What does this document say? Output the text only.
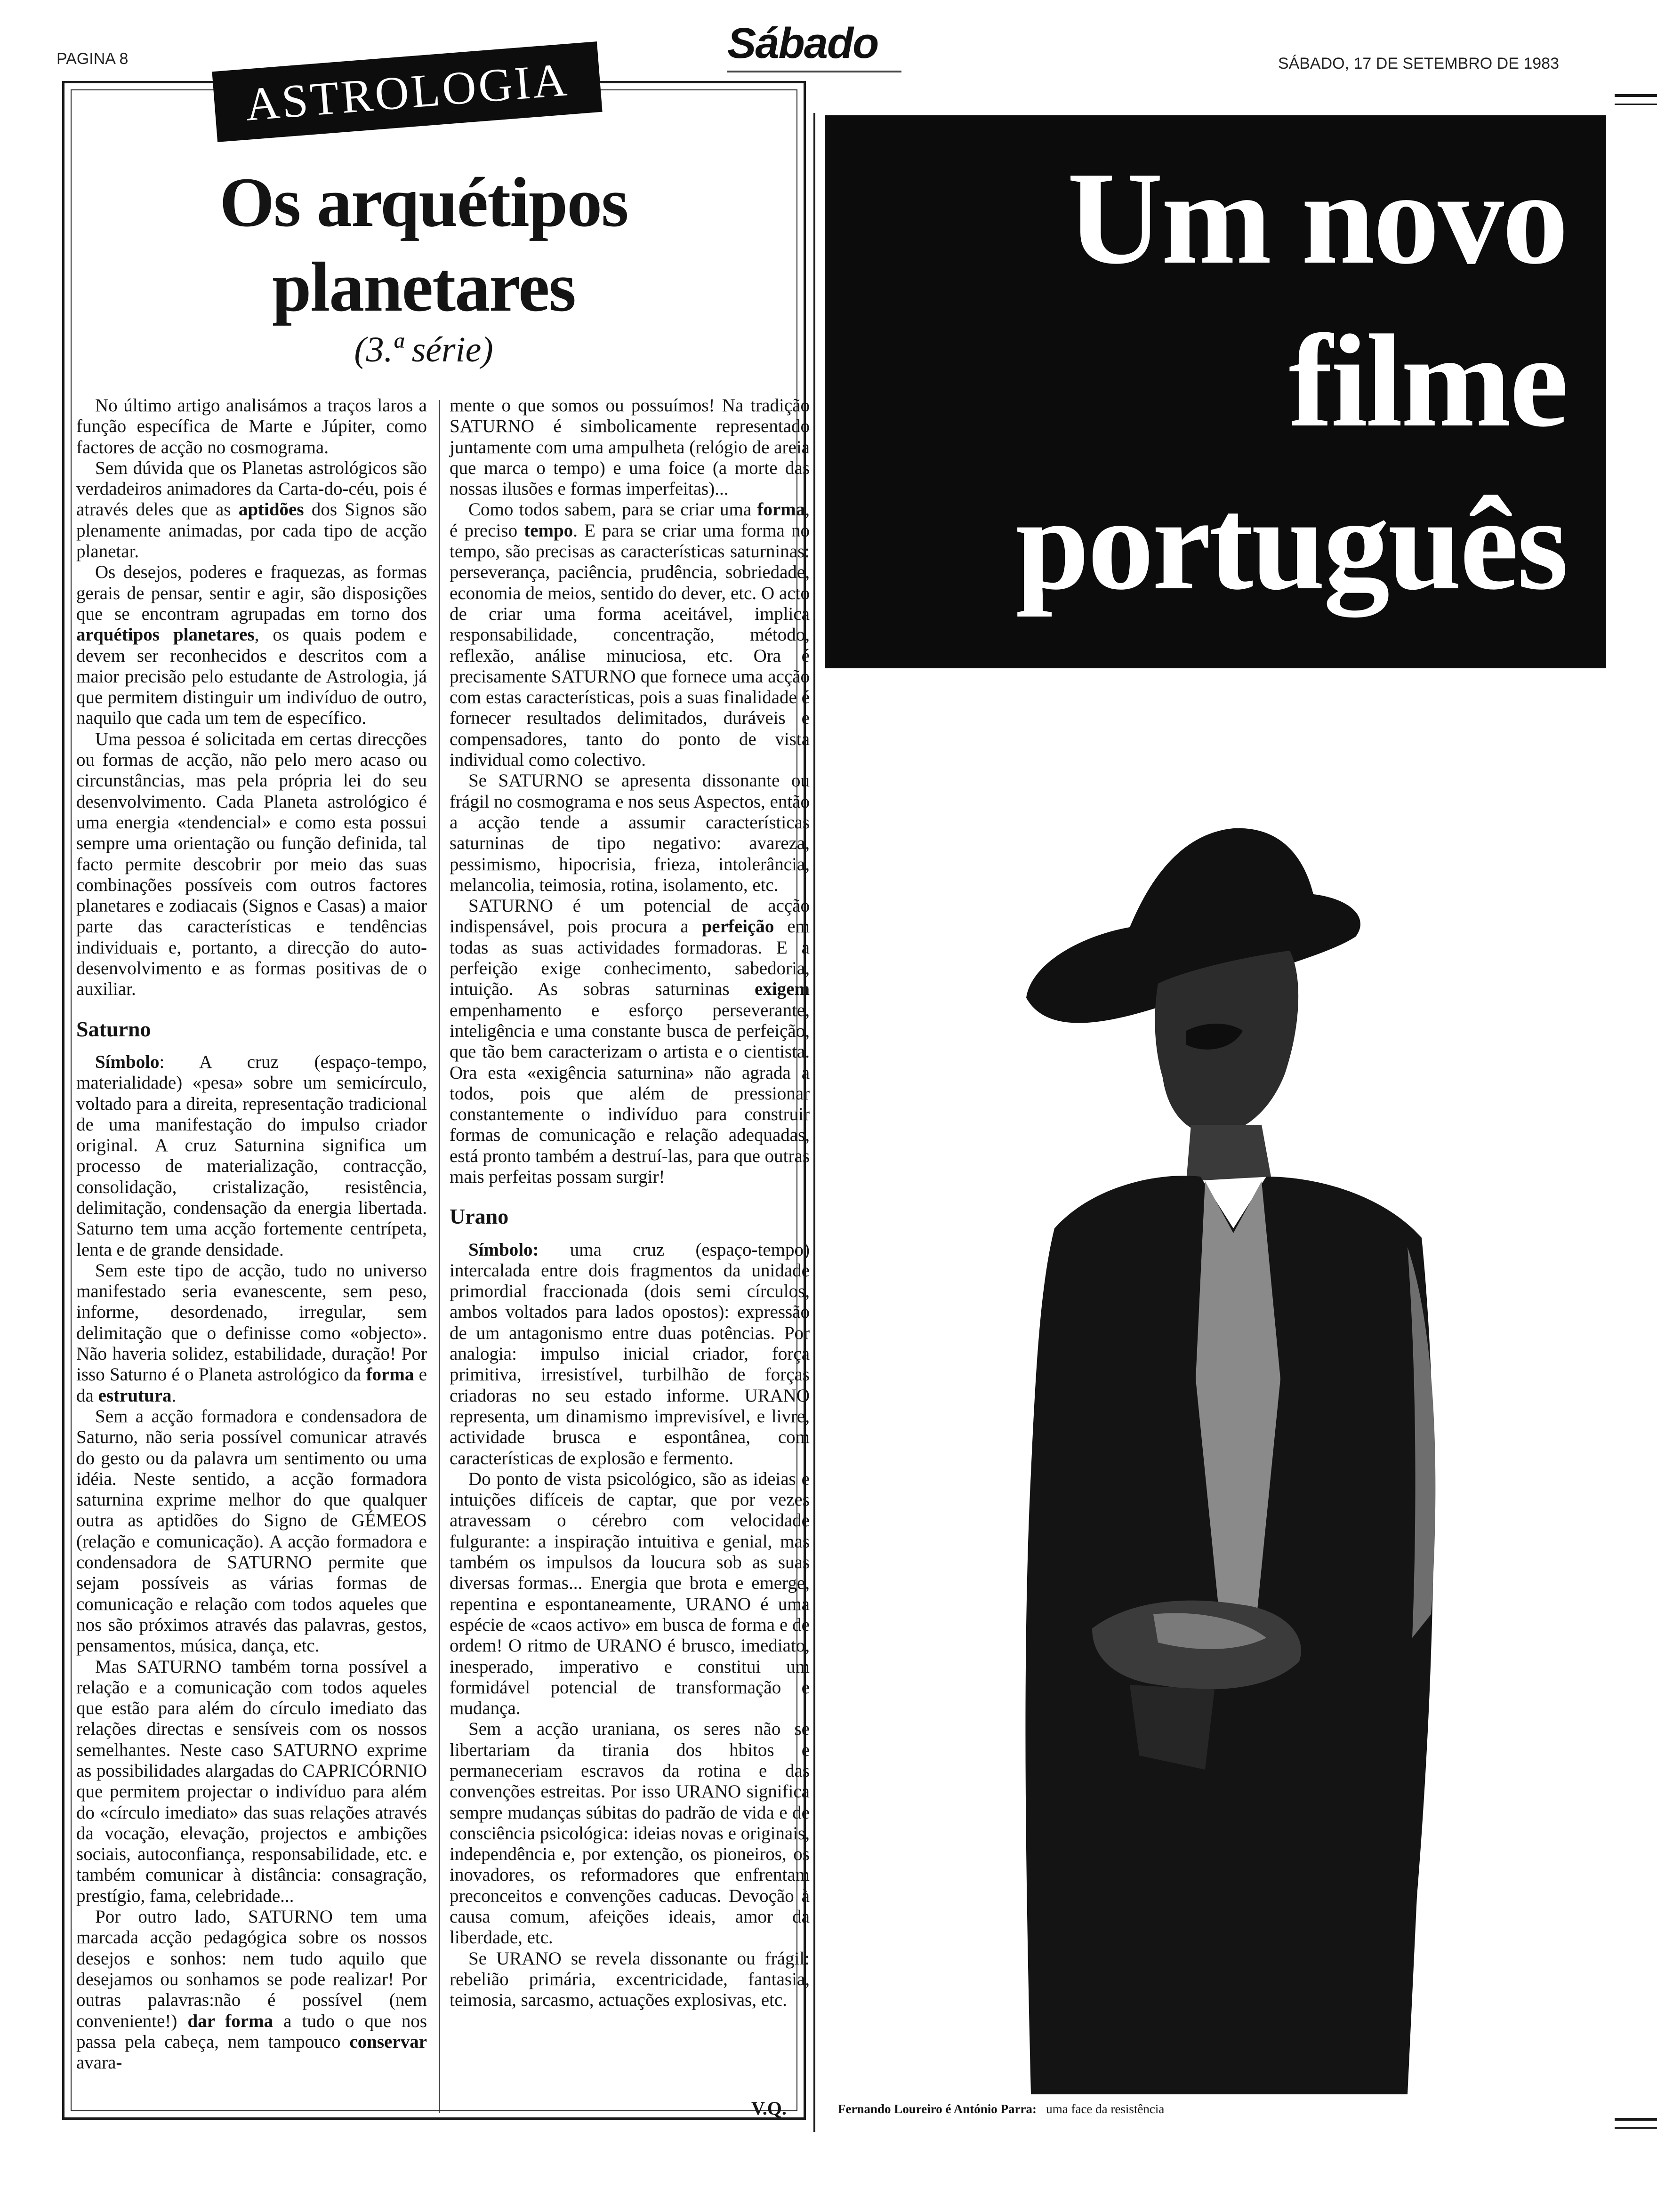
PAGINA 8	Sábado	SÁBADO, 17 DE SETEMBRO DE 1983
ASTROLOGIA
Os arquétipos planetares
(3.ª série)

No último artigo analisámos a traços laros a função específica de Marte e Júpiter, como factores de acção no cosmograma.

Sem dúvida que os Planetas astrológicos são verdadeiros animadores da Carta-do-céu, pois é através deles que as aptidões dos Signos são plenamente animadas, por cada tipo de acção planetar.

Os desejos, poderes e fraquezas, as formas gerais de pensar, sentir e agir, são disposições que se encontram agrupadas em torno dos arquétipos planetares, os quais podem e devem ser reconhecidos e descritos com a maior precisão pelo estudante de Astrologia, já que permitem distinguir um indivíduo de outro, naquilo que cada um tem de específico.

Uma pessoa é solicitada em certas direcções ou formas de acção, não pelo mero acaso ou circunstâncias, mas pela própria lei do seu desenvolvimento. Cada Planeta astrológico é uma energia «tendencial» e como esta possui sempre uma orientação ou função definida, tal facto permite descobrir por meio das suas combinações possíveis com outros factores planetares e zodiacais (Signos e Casas) a maior parte das características e tendências individuais e, portanto, a direcção do auto-desenvolvimento e as formas positivas de o auxiliar.

Saturno

Símbolo: A cruz (espaço-tempo, materialidade) «pesa» sobre um semicírculo, voltado para a direita, representação tradicional de uma manifestação do impulso criador original. A cruz Saturnina significa um processo de materialização, contracção, consolidação, cristalização, resistência, delimitação, condensação da energia libertada. Saturno tem uma acção fortemente centrípeta, lenta e de grande densidade.

Sem este tipo de acção, tudo no universo manifestado seria evanescente, sem peso, informe, desordenado, irregular, sem delimitação que o definisse como «objecto». Não haveria solidez, estabilidade, duração! Por isso Saturno é o Planeta astrológico da forma e da estrutura.

Sem a acção formadora e condensadora de Saturno, não seria possível comunicar através do gesto ou da palavra um sentimento ou uma idéia. Neste sentido, a acção formadora saturnina exprime melhor do que qualquer outra as aptidões do Signo de GÉMEOS (relação e comunicação). A acção formadora e condensadora de SATURNO permite que sejam possíveis as várias formas de comunicação e relação com todos aqueles que nos são próximos através das palavras, gestos, pensamentos, música, dança, etc.

Mas SATURNO também torna possível a relação e a comunicação com todos aqueles que estão para além do círculo imediato das relações directas e sensíveis com os nossos semelhantes. Neste caso SATURNO exprime as possibilidades alargadas do CAPRICÓRNIO que permitem projectar o indivíduo para além do «círculo imediato» das suas relações através da vocação, elevação, projectos e ambições sociais, autoconfiança, responsabilidade, etc. e também comunicar à distância: consagração, prestígio, fama, celebridade...

Por outro lado, SATURNO tem uma marcada acção pedagógica sobre os nossos desejos e sonhos: nem tudo aquilo que desejamos ou sonhamos se pode realizar! Por outras palavras:não é possível (nem conveniente!) dar forma a tudo o que nos passa pela cabeça, nem tampouco conservar avara-

mente o que somos ou possuímos! Na tradição SATURNO é simbolicamente representado juntamente com uma ampulheta (relógio de areia que marca o tempo) e uma foice (a morte das nossas ilusões e formas imperfeitas)...

Como todos sabem, para se criar uma forma, é preciso tempo. E para se criar uma forma no tempo, são precisas as características saturninas: perseverança, paciência, prudência, sobriedade, economia de meios, sentido do dever, etc. O acto de criar uma forma aceitável, implica responsabilidade, concentração, método, reflexão, análise minuciosa, etc. Ora é precisamente SATURNO que fornece uma acção com estas características, pois a suas finalidade é fornecer resultados delimitados, duráveis e compensadores, tanto do ponto de vista individual como colectivo.

Se SATURNO se apresenta dissonante ou frágil no cosmograma e nos seus Aspectos, então a acção tende a assumir características saturninas de tipo negativo: avareza, pessimismo, hipocrisia, frieza, intolerância, melancolia, teimosia, rotina, isolamento, etc.

SATURNO é um potencial de acção indispensável, pois procura a perfeição em todas as suas actividades formadoras. E a perfeição exige conhecimento, sabedoria, intuição. As sobras saturninas exigem empenhamento e esforço perseverante, inteligência e uma constante busca de perfeição, que tão bem caracterizam o artista e o cientista. Ora esta «exigência saturnina» não agrada a todos, pois que além de pressionar constantemente o indivíduo para construir formas de comunicação e relação adequadas, está pronto também a destruí-las, para que outras mais perfeitas possam surgir!

Urano

Símbolo: uma cruz (espaço-tempo) intercalada entre dois fragmentos da unidade primordial fraccionada (dois semi círculos, ambos voltados para lados opostos): expressão de um antagonismo entre duas potências. Por analogia: impulso inicial criador, força primitiva, irresistível, turbilhão de forças criadoras no seu estado informe. URANO representa, um dinamismo imprevisível, e livre, actividade brusca e espontânea, com características de explosão e fermento.

Do ponto de vista psicológico, são as ideias e intuições difíceis de captar, que por vezes atravessam o cérebro com velocidade fulgurante: a inspiração intuitiva e genial, mas também os impulsos da loucura sob as suas diversas formas... Energia que brota e emerge, repentina e espontaneamente, URANO é uma espécie de «caos activo» em busca de forma e de ordem! O ritmo de URANO é brusco, imediato, inesperado, imperativo e constitui um formidável potencial de transformação e mudança.

Sem a acção uraniana, os seres não se libertariam da tirania dos hbitos e permaneceriam escravos da rotina e das convenções estreitas. Por isso URANO significa sempre mudanças súbitas do padrão de vida e de consciência psicológica: ideias novas e originais, independência e, por extenção, os pioneiros, os inovadores, os reformadores que enfrentam preconceitos e convenções caducas. Devoção à causa comum, afeições ideais, amor da liberdade, etc.

Se URANO se revela dissonante ou frágil: rebelião primária, excentricidade, fantasia, teimosia, sarcasmo, actuações explosivas, etc.

V.Q.
Um novo
filme
português
Fernando Loureiro é António Parra: uma face da resistência
